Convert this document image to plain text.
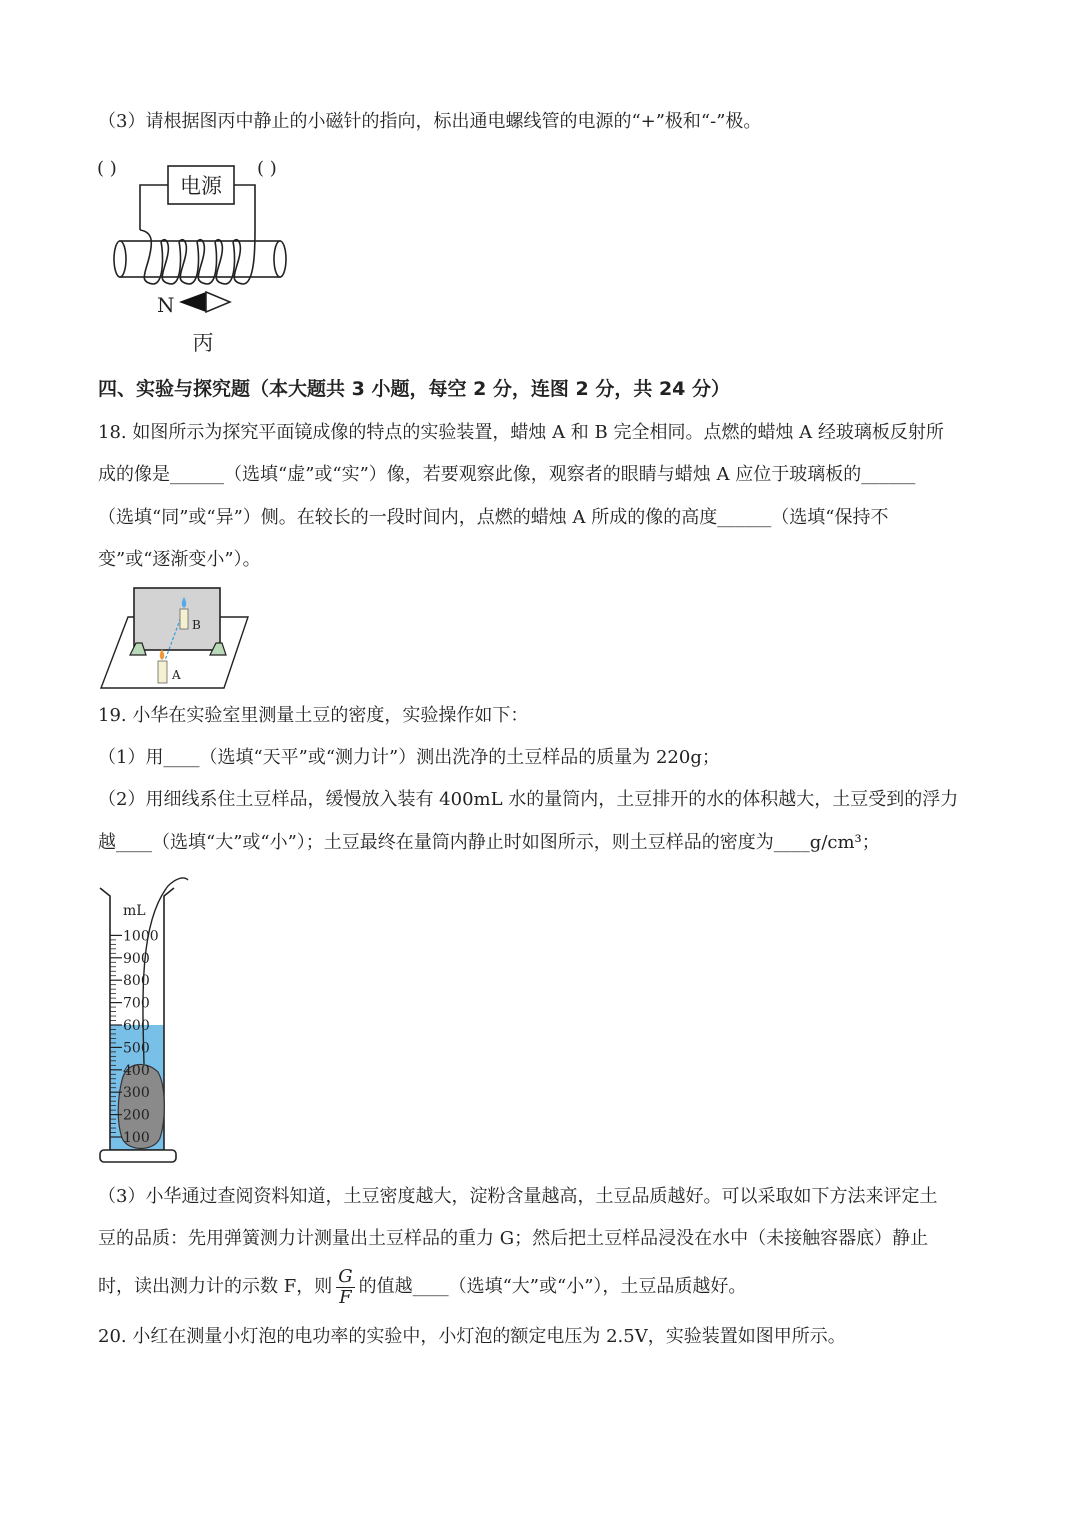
（3）请根据图丙中静止的小磁针的指向，标出通电螺线管的电源的“+”极和“-”极。
( )	( )
电源
N
丙
四、实验与探究题（本大题共 3 小题，每空 2 分，连图 2 分，共 24 分）
18. 如图所示为探究平面镜成像的特点的实验装置，蜡烛 A 和 B 完全相同。点燃的蜡烛 A 经玻璃板反射所
成的像是______（选填“虚”或“实”）像，若要观察此像，观察者的眼睛与蜡烛 A 应位于玻璃板的______
（选填“同”或“异”）侧。在较长的一段时间内，点燃的蜡烛 A 所成的像的高度______（选填“保持不
变”或“逐渐变小”）。
B
A
19. 小华在实验室里测量土豆的密度，实验操作如下：
（1）用____（选填“天平”或“测力计”）测出洗净的土豆样品的质量为 220g；
（2）用细线系住土豆样品，缓慢放入装有 400mL 水的量筒内，土豆排开的水的体积越大，土豆受到的浮力
越____（选填“大”或“小”）；土豆最终在量筒内静止时如图所示，则土豆样品的密度为____g/cm³；
mL
1000
900
800
700
600
500
400
300
200
100
（3）小华通过查阅资料知道，土豆密度越大，淀粉含量越高，土豆品质越好。可以采取如下方法来评定土
豆的品质：先用弹簧测力计测量出土豆样品的重力 G；然后把土豆样品浸没在水中（未接触容器底）静止
时，读出测力计的示数 F，则 $\frac{G}{F}$ 的值越____（选填“大”或“小”），土豆品质越好。
20. 小红在测量小灯泡的电功率的实验中，小灯泡的额定电压为 2.5V，实验装置如图甲所示。
